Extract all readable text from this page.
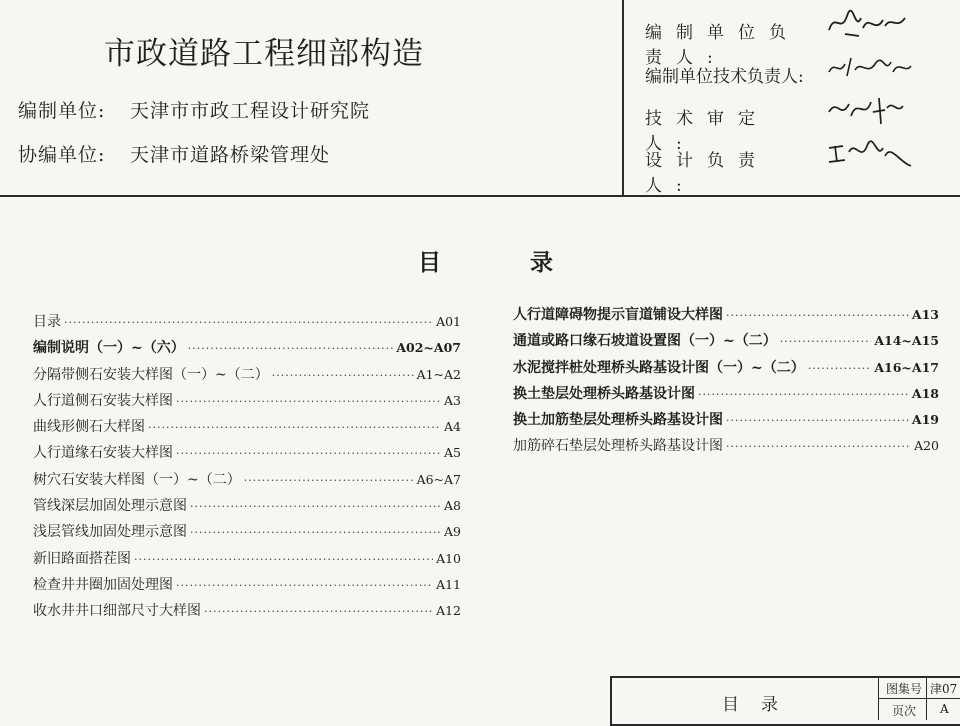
市政道路工程细部构造
编制单位: 天津市市政工程设计研究院
协编单位: 天津市道路桥梁管理处
编制单位负责人:
编制单位技术负责人:
技术审定人:
设计负责人:
目	录
目录 ·····	A01
编制说明（一）~（六） ·····	A02~A07
分隔带侧石安装大样图（一）~（二） ·····	A1~A2
人行道侧石安装大样图 ·····	A3
曲线形侧石大样图 ·····	A4
人行道缘石安装大样图 ·····	A5
树穴石安装大样图（一）~（二） ·····	A6~A7
管线深层加固处理示意图 ·····	A8
浅层管线加固处理示意图 ·····	A9
新旧路面搭茬图 ·····	A10
检查井井圈加固处理图 ·····	A11
收水井井口细部尺寸大样图 ·····	A12
人行道障碍物提示盲道铺设大样图 ·····	A13
通道或路口缘石坡道设置图（一）~（二） ·····	A14~A15
水泥搅拌桩处理桥头路基设计图（一）~（二） ·····	A16~A17
换土垫层处理桥头路基设计图 ·····	A18
换土加筋垫层处理桥头路基设计图 ·····	A19
加筋碎石垫层处理桥头路基设计图 ·····	A20
目录
图集号 津07
页次 A
